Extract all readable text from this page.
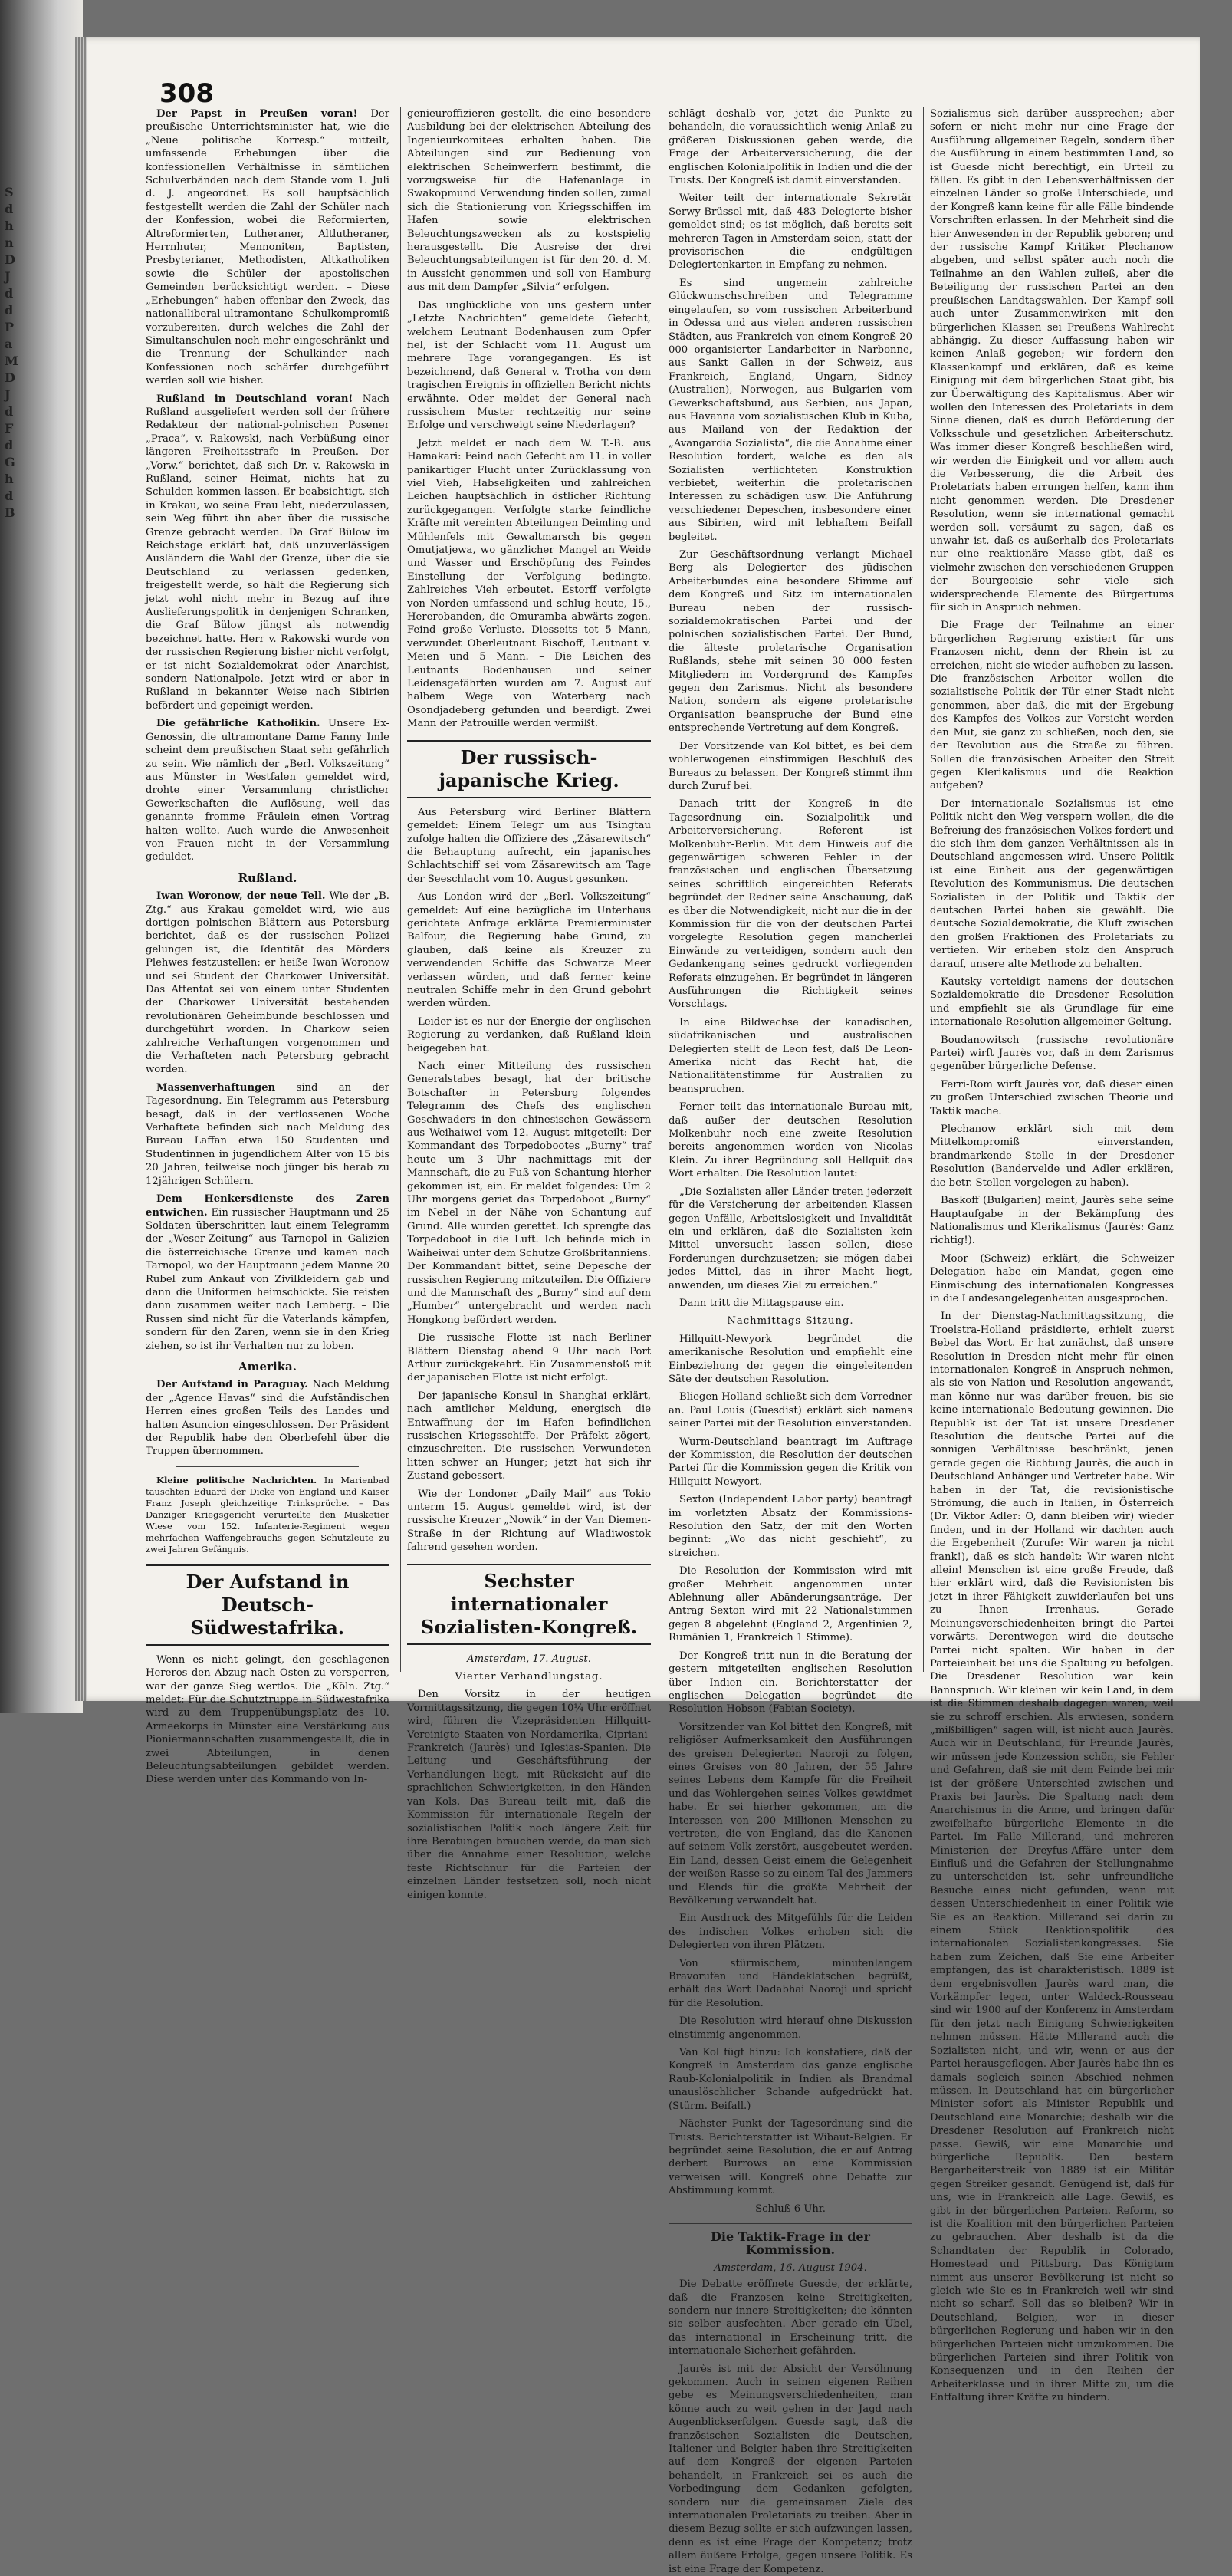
S
d
h
n
D
J
d
d
P
a
M
D
J
d
F
d
G
h
d
B
308

Der Papst in Preußen voran! Der preußische Unterrichtsminister hat, wie die „Neue politische Korresp.“ mitteilt, umfassende Erhebungen über die konfessionellen Verhältnisse in sämtlichen Schulverbänden nach dem Stande vom 1. Juli d. J. angeordnet. Es soll hauptsächlich festgestellt werden die Zahl der Schüler nach der Konfession, wobei die Reformierten, Altreformierten, Lutheraner, Altlutheraner, Herrnhuter, Mennoniten, Baptisten, Presbyterianer, Methodisten, Altkatholiken sowie die Schüler der apostolischen Gemeinden berücksichtigt werden. – Diese „Erhebungen“ haben offenbar den Zweck, das nationalliberal-ultramontane Schulkompromiß vorzubereiten, durch welches die Zahl der Simultanschulen noch mehr eingeschränkt und die Trennung der Schulkinder nach Konfessionen noch schärfer durchgeführt werden soll wie bisher.

Rußland in Deutschland voran! Nach Rußland ausgeliefert werden soll der frühere Redakteur der national-polnischen Posener „Praca“, v. Rakowski, nach Verbüßung einer längeren Freiheitsstrafe in Preußen. Der „Vorw.“ berichtet, daß sich Dr. v. Rakowski in Rußland, seiner Heimat, nichts hat zu Schulden kommen lassen. Er beabsichtigt, sich in Krakau, wo seine Frau lebt, niederzulassen, sein Weg führt ihn aber über die russische Grenze gebracht werden. Da Graf Bülow im Reichstage erklärt hat, daß unzuverlässigen Ausländern die Wahl der Grenze, über die sie Deutschland zu verlassen gedenken, freigestellt werde, so hält die Regierung sich jetzt wohl nicht mehr in Bezug auf ihre Auslieferungspolitik in denjenigen Schranken, die Graf Bülow jüngst als notwendig bezeichnet hatte. Herr v. Rakowski wurde von der russischen Regierung bisher nicht verfolgt, er ist nicht Sozialdemokrat oder Anarchist, sondern Nationalpole. Jetzt wird er aber in Rußland in bekannter Weise nach Sibirien befördert und gepeinigt werden.

Die gefährliche Katholikin. Unsere Ex-Genossin, die ultramontane Dame Fanny Imle scheint dem preußischen Staat sehr gefährlich zu sein. Wie nämlich der „Berl. Volkszeitung“ aus Münster in Westfalen gemeldet wird, drohte einer Versammlung christlicher Gewerkschaften die Auflösung, weil das genannte fromme Fräulein einen Vortrag halten wollte. Auch wurde die Anwesenheit von Frauen nicht in der Versammlung geduldet.

Rußland.

Iwan Woronow, der neue Tell. Wie der „B. Ztg.“ aus Krakau gemeldet wird, wie aus dortigen polnischen Blättern aus Petersburg berichtet, daß es der russischen Polizei gelungen ist, die Identität des Mörders Plehwes festzustellen: er heiße Iwan Woronow und sei Student der Charkower Universität. Das Attentat sei von einem unter Studenten der Charkower Universität bestehenden revolutionären Geheimbunde beschlossen und durchgeführt worden. In Charkow seien zahlreiche Verhaftungen vorgenommen und die Verhafteten nach Petersburg gebracht worden.

Massenverhaftungen sind an der Tagesordnung. Ein Telegramm aus Petersburg besagt, daß in der verflossenen Woche Verhaftete befinden sich nach Meldung des Bureau Laffan etwa 150 Studenten und Studentinnen in jugendlichem Alter von 15 bis 20 Jahren, teilweise noch jünger bis herab zu 12jährigen Schülern.

Dem Henkersdienste des Zaren entwichen. Ein russischer Hauptmann und 25 Soldaten überschritten laut einem Telegramm der „Weser-Zeitung“ aus Tarnopol in Galizien die österreichische Grenze und kamen nach Tarnopol, wo der Hauptmann jedem Manne 20 Rubel zum Ankauf von Zivilkleidern gab und dann die Uniformen heimschickte. Sie reisten dann zusammen weiter nach Lemberg. – Die Russen sind nicht für die Vaterlands kämpfen, sondern für den Zaren, wenn sie in den Krieg ziehen, so ist ihr Verhalten nur zu loben.

Amerika.

Der Aufstand in Paraguay. Nach Meldung der „Agence Havas“ sind die Aufständischen Herren eines großen Teils des Landes und halten Asuncion eingeschlossen. Der Präsident der Republik habe den Oberbefehl über die Truppen übernommen.

Kleine politische Nachrichten. In Marienbad tauschten Eduard der Dicke von England und Kaiser Franz Joseph gleichzeitige Trinksprüche. – Das Danziger Kriegsgericht verurteilte den Musketier Wiese vom 152. Infanterie-Regiment wegen mehrfachen Waffengebrauchs gegen Schutzleute zu zwei Jahren Gefängnis.

Der Aufstand in Deutsch-Südwestafrika.

Wenn es nicht gelingt, den geschlagenen Hereros den Abzug nach Osten zu versperren, war der ganze Sieg wertlos. Die „Köln. Ztg.“ meldet: Für die Schutztruppe in Südwestafrika wird zu dem Truppenübungsplatz des 10. Armeekorps in Münster eine Verstärkung aus Pioniermannschaften zusammengestellt, die in zwei Abteilungen, in denen Beleuchtungsabteilungen gebildet werden. Diese werden unter das Kommando von In-

genieuroffizieren gestellt, die eine besondere Ausbildung bei der elektrischen Abteilung des Ingenieurkomitees erhalten haben. Die Abteilungen sind zur Bedienung von elektrischen Scheinwerfern bestimmt, die vorzugsweise für die Hafenanlage in Swakopmund Verwendung finden sollen, zumal sich die Stationierung von Kriegsschiffen im Hafen sowie elektrischen Beleuchtungszwecken als zu kostspielig herausgestellt. Die Ausreise der drei Beleuchtungsabteilungen ist für den 20. d. M. in Aussicht genommen und soll von Hamburg aus mit dem Dampfer „Silvia“ erfolgen.

Das unglückliche von uns gestern unter „Letzte Nachrichten“ gemeldete Gefecht, welchem Leutnant Bodenhausen zum Opfer fiel, ist der Schlacht vom 11. August um mehrere Tage vorangegangen. Es ist bezeichnend, daß General v. Trotha von dem tragischen Ereignis in offiziellen Bericht nichts erwähnte. Oder meldet der General nach russischem Muster rechtzeitig nur seine Erfolge und verschweigt seine Niederlagen?

Jetzt meldet er nach dem W. T.-B. aus Hamakari: Feind nach Gefecht am 11. in voller panikartiger Flucht unter Zurücklassung von viel Vieh, Habseligkeiten und zahlreichen Leichen hauptsächlich in östlicher Richtung zurückgegangen. Verfolgte starke feindliche Kräfte mit vereinten Abteilungen Deimling und Mühlenfels mit Gewaltmarsch bis gegen Omutjatjewa, wo gänzlicher Mangel an Weide und Wasser und Erschöpfung des Feindes Einstellung der Verfolgung bedingte. Zahlreiches Vieh erbeutet. Estorff verfolgte von Norden umfassend und schlug heute, 15., Hererobanden, die Omuramba abwärts zogen. Feind große Verluste. Diesseits tot 5 Mann, verwundet Oberleutnant Bischoff, Leutnant v. Meien und 5 Mann. – Die Leichen des Leutnants Bodenhausen und seiner Leidensgefährten wurden am 7. August auf halbem Wege von Waterberg nach Osondjadeberg gefunden und beerdigt. Zwei Mann der Patrouille werden vermißt.

Der russisch-japanische Krieg.

Aus Petersburg wird Berliner Blättern gemeldet: Einem Telegr um aus Tsingtau zufolge halten die Offiziere des „Zäsarewitsch“ die Behauptung aufrecht, ein japanisches Schlachtschiff sei vom Zäsarewitsch am Tage der Seeschlacht vom 10. August gesunken.

Aus London wird der „Berl. Volkszeitung“ gemeldet: Auf eine bezügliche im Unterhaus gerichtete Anfrage erklärte Premierminister Balfour, die Regierung habe Grund, zu glauben, daß keine als Kreuzer zu verwendenden Schiffe das Schwarze Meer verlassen würden, und daß ferner keine neutralen Schiffe mehr in den Grund gebohrt werden würden.

Leider ist es nur der Energie der englischen Regierung zu verdanken, daß Rußland klein beigegeben hat.

Nach einer Mitteilung des russischen Generalstabes besagt, hat der britische Botschafter in Petersburg folgendes Telegramm des Chefs des englischen Geschwaders in den chinesischen Gewässern aus Weihaiwei vom 12. August mitgeteilt: Der Kommandant des Torpedobootes „Burny“ traf heute um 3 Uhr nachmittags mit der Mannschaft, die zu Fuß von Schantung hierher gekommen ist, ein. Er meldet folgendes: Um 2 Uhr morgens geriet das Torpedoboot „Burny“ im Nebel in der Nähe von Schantung auf Grund. Alle wurden gerettet. Ich sprengte das Torpedoboot in die Luft. Ich befinde mich in Waiheiwai unter dem Schutze Großbritanniens. Der Kommandant bittet, seine Depesche der russischen Regierung mitzuteilen. Die Offiziere und die Mannschaft des „Burny“ sind auf dem „Humber“ untergebracht und werden nach Hongkong befördert werden.

Die russische Flotte ist nach Berliner Blättern Dienstag abend 9 Uhr nach Port Arthur zurückgekehrt. Ein Zusammenstoß mit der japanischen Flotte ist nicht erfolgt.

Der japanische Konsul in Shanghai erklärt, nach amtlicher Meldung, energisch die Entwaffnung der im Hafen befindlichen russischen Kriegsschiffe. Der Präfekt zögert, einzuschreiten. Die russischen Verwundeten litten schwer an Hunger; jetzt hat sich ihr Zustand gebessert.

Wie der Londoner „Daily Mail“ aus Tokio unterm 15. August gemeldet wird, ist der russische Kreuzer „Nowik“ in der Van Diemen-Straße in der Richtung auf Wladiwostok fahrend gesehen worden.

Sechster internationaler Sozialisten-Kongreß.
Amsterdam, 17. August.
Vierter Verhandlungstag.

Den Vorsitz in der heutigen Vormittagssitzung, die gegen 10¼ Uhr eröffnet wird, führen die Vizepräsidenten Hillquitt-Vereinigte Staaten von Nordamerika, Cipriani-Frankreich (Jaurès) und Iglesias-Spanien. Die Leitung und Geschäftsführung der Verhandlungen liegt, mit Rücksicht auf die sprachlichen Schwierigkeiten, in den Händen van Kols. Das Bureau teilt mit, daß die Kommission für internationale Regeln der sozialistischen Politik noch längere Zeit für ihre Beratungen brauchen werde, da man sich über die Annahme einer Resolution, welche feste Richtschnur für die Parteien der einzelnen Länder festsetzen soll, noch nicht einigen konnte.

schlägt deshalb vor, jetzt die Punkte zu behandeln, die voraussichtlich wenig Anlaß zu größeren Diskussionen geben werde, die Frage der Arbeiterversicherung, die der englischen Kolonialpolitik in Indien und die der Trusts. Der Kongreß ist damit einverstanden.

Weiter teilt der internationale Sekretär Serwy-Brüssel mit, daß 483 Delegierte bisher gemeldet sind; es ist möglich, daß bereits seit mehreren Tagen in Amsterdam seien, statt der provisorischen die endgültigen Delegiertenkarten in Empfang zu nehmen.

Es sind ungemein zahlreiche Glückwunschschreiben und Telegramme eingelaufen, so vom russischen Arbeiterbund in Odessa und aus vielen anderen russischen Städten, aus Frankreich von einem Kongreß 20 000 organisierter Landarbeiter in Narbonne, aus Sankt Gallen in der Schweiz, aus Frankreich, England, Ungarn, Sidney (Australien), Norwegen, aus Bulgarien vom Gewerkschaftsbund, aus Serbien, aus Japan, aus Havanna vom sozialistischen Klub in Kuba, aus Mailand von der Redaktion der „Avangardia Sozialista“, die die Annahme einer Resolution fordert, welche es den als Sozialisten verflichteten Konstruktion verbietet, weiterhin die proletarischen Interessen zu schädigen usw. Die Anführung verschiedener Depeschen, insbesondere einer aus Sibirien, wird mit lebhaftem Beifall begleitet.

Zur Geschäftsordnung verlangt Michael Berg als Delegierter des jüdischen Arbeiterbundes eine besondere Stimme auf dem Kongreß und Sitz im internationalen Bureau neben der russisch-sozialdemokratischen Partei und der polnischen sozialistischen Partei. Der Bund, die älteste proletarische Organisation Rußlands, stehe mit seinen 30 000 festen Mitgliedern im Vordergrund des Kampfes gegen den Zarismus. Nicht als besondere Nation, sondern als eigene proletarische Organisation beanspruche der Bund eine entsprechende Vertretung auf dem Kongreß.

Der Vorsitzende van Kol bittet, es bei dem wohlerwogenen einstimmigen Beschluß des Bureaus zu belassen. Der Kongreß stimmt ihm durch Zuruf bei.

Danach tritt der Kongreß in die Tagesordnung ein. Sozialpolitik und Arbeiterversicherung. Referent ist Molkenbuhr-Berlin. Mit dem Hinweis auf die gegenwärtigen schweren Fehler in der französischen und englischen Übersetzung seines schriftlich eingereichten Referats begründet der Redner seine Anschauung, daß es über die Notwendigkeit, nicht nur die in der Kommission für die von der deutschen Partei vorgelegte Resolution gegen mancherlei Einwände zu verteidigen, sondern auch den Gedankengang seines gedruckt vorliegenden Referats einzugehen. Er begründet in längeren Ausführungen die Richtigkeit seines Vorschlags.

In eine Bildwechse der kanadischen, südafrikanischen und australischen Delegierten stellt de Leon fest, daß De Leon-Amerika nicht das Recht hat, die Nationalitätenstimme für Australien zu beanspruchen.

Ferner teilt das internationale Bureau mit, daß außer der deutschen Resolution Molkenbuhr noch eine zweite Resolution bereits angenommen worden von Nicolas Klein. Zu ihrer Begründung soll Hellquit das Wort erhalten. Die Resolution lautet:

„Die Sozialisten aller Länder treten jederzeit für die Versicherung der arbeitenden Klassen gegen Unfälle, Arbeitslosigkeit und Invalidität ein und erklären, daß die Sozialisten kein Mittel unversucht lassen sollen, diese Forderungen durchzusetzen; sie mögen dabei jedes Mittel, das in ihrer Macht liegt, anwenden, um dieses Ziel zu erreichen.“

Dann tritt die Mittagspause ein.

Nachmittags-Sitzung.

Hillquitt-Newyork begründet die amerikanische Resolution und empfiehlt eine Einbeziehung der gegen die eingeleitenden Säte der deutschen Resolution.

Bliegen-Holland schließt sich dem Vorredner an. Paul Louis (Guesdist) erklärt sich namens seiner Partei mit der Resolution einverstanden.

Wurm-Deutschland beantragt im Auftrage der Kommission, die Resolution der deutschen Partei für die Kommission gegen die Kritik von Hillquitt-Newyort.

Sexton (Independent Labor party) beantragt im vorletzten Absatz der Kommissions-Resolution den Satz, der mit den Worten beginnt: „Wo das nicht geschieht“, zu streichen.

Die Resolution der Kommission wird mit großer Mehrheit angenommen unter Ablehnung aller Abänderungsanträge. Der Antrag Sexton wird mit 22 Nationalstimmen gegen 8 abgelehnt (England 2, Argentinien 2, Rumänien 1, Frankreich 1 Stimme).

Der Kongreß tritt nun in die Beratung der gestern mitgeteilten englischen Resolution über Indien ein. Berichterstatter der englischen Delegation begründet die Resolution Hobson (Fabian Society).

Vorsitzender van Kol bittet den Kongreß, mit religiöser Aufmerksamkeit den Ausführungen des greisen Delegierten Naoroji zu folgen, eines Greises von 80 Jahren, der 55 Jahre seines Lebens dem Kampfe für die Freiheit und das Wohlergehen seines Volkes gewidmet habe. Er sei hierher gekommen, um die Interessen von 200 Millionen Menschen zu vertreten, die von England, das die Kanonen auf seinem Volk zerstört, ausgebeutet werden. Ein Land, dessen Geist einem die Gelegenheit der weißen Rasse so zu einem Tal des Jammers und Elends für die größte Mehrheit der Bevölkerung verwandelt hat.

Ein Ausdruck des Mitgefühls für die Leiden des indischen Volkes erhoben sich die Delegierten von ihren Plätzen.

Von stürmischem, minutenlangem Bravorufen und Händeklatschen begrüßt, erhält das Wort Dadabhai Naoroji und spricht für die Resolution.

Die Resolution wird hierauf ohne Diskussion einstimmig angenommen.

Van Kol fügt hinzu: Ich konstatiere, daß der Kongreß in Amsterdam das ganze englische Raub-Kolonialpolitik in Indien als Brandmal unauslöschlicher Schande aufgedrückt hat. (Stürm. Beifall.)

Nächster Punkt der Tagesordnung sind die Trusts. Berichterstatter ist Wibaut-Belgien. Er begründet seine Resolution, die er auf Antrag derbert Burrows an eine Kommission verweisen will. Kongreß ohne Debatte zur Abstimmung kommt.

Schluß 6 Uhr.

Die Taktik-Frage in der Kommission.
Amsterdam, 16. August 1904.

Die Debatte eröffnete Guesde, der erklärte, daß die Franzosen keine Streitigkeiten, sondern nur innere Streitigkeiten; die könnten sie selber ausfechten. Aber gerade ein Übel, das international in Erscheinung tritt, die internationale Sicherheit gefährden.

Jaurès ist mit der Absicht der Versöhnung gekommen. Auch in seinen eigenen Reihen gebe es Meinungsverschiedenheiten, man könne auch zu weit gehen in der Jagd nach Augenblickserfolgen. Guesde sagt, daß die französischen Sozialisten die Deutschen, Italiener und Belgier haben ihre Streitigkeiten auf dem Kongreß der eigenen Parteien behandelt, in Frankreich sei es auch die Vorbedingung dem Gedanken gefolgten, sondern nur die gemeinsamen Ziele des internationalen Proletariats zu treiben. Aber in diesem Bezug sollte er sich aufzwingen lassen, denn es ist eine Frage der Kompetenz; trotz allem äußere Erfolge, gegen unsere Politik. Es ist eine Frage der Kompetenz.

Sozialismus sich darüber aussprechen; aber sofern er nicht mehr nur eine Frage der Ausführung allgemeiner Regeln, sondern über die Ausführung in einem bestimmten Land, so ist Guesde nicht berechtigt, ein Urteil zu fällen. Es gibt in den Lebensverhältnissen der einzelnen Länder so große Unterschiede, und der Kongreß kann keine für alle Fälle bindende Vorschriften erlassen. In der Mehrheit sind die hier Anwesenden in der Republik geboren; und der russische Kampf Kritiker Plechanow abgeben, und selbst später auch noch die Teilnahme an den Wahlen zuließ, aber die Beteiligung der russischen Partei an den preußischen Landtagswahlen. Der Kampf soll auch unter Zusammenwirken mit den bürgerlichen Klassen sei Preußens Wahlrecht abhängig. Zu dieser Auffassung haben wir keinen Anlaß gegeben; wir fordern den Klassenkampf und erklären, daß es keine Einigung mit dem bürgerlichen Staat gibt, bis zur Überwältigung des Kapitalismus. Aber wir wollen den Interessen des Proletariats in dem Sinne dienen, daß es durch Beförderung der Volksschule und gesetzlichen Arbeiterschutz. Was immer dieser Kongreß beschließen wird, wir werden die Einigkeit und vor allem auch die Verbesserung, die die Arbeit des Proletariats haben errungen helfen, kann ihm nicht genommen werden. Die Dresdener Resolution, wenn sie international gemacht werden soll, versäumt zu sagen, daß es unwahr ist, daß es außerhalb des Proletariats nur eine reaktionäre Masse gibt, daß es vielmehr zwischen den verschiedenen Gruppen der Bourgeoisie sehr viele sich widersprechende Elemente des Bürgertums für sich in Anspruch nehmen.

Die Frage der Teilnahme an einer bürgerlichen Regierung existiert für uns Franzosen nicht, denn der Rhein ist zu erreichen, nicht sie wieder aufheben zu lassen. Die französischen Arbeiter wollen die sozialistische Politik der Tür einer Stadt nicht genommen, aber daß, die mit der Ergebung des Kampfes des Volkes zur Vorsicht werden den Mut, sie ganz zu schließen, noch den, sie der Revolution aus die Straße zu führen. Sollen die französischen Arbeiter den Streit gegen Klerikalismus und die Reaktion aufgeben?

Der internationale Sozialismus ist eine Politik nicht den Weg verspern wollen, die die Befreiung des französischen Volkes fordert und die sich ihm dem ganzen Verhältnissen als in Deutschland angemessen wird. Unsere Politik ist eine Einheit aus der gegenwärtigen Revolution des Kommunismus. Die deutschen Sozialisten in der Politik und Taktik der deutschen Partei haben sie gewählt. Die deutsche Sozialdemokratie, die Kluft zwischen den großen Fraktionen des Proletariats zu vertiefen. Wir erheben stolz den Anspruch darauf, unsere alte Methode zu behalten.

Kautsky verteidigt namens der deutschen Sozialdemokratie die Dresdener Resolution und empfiehlt sie als Grundlage für eine internationale Resolution allgemeiner Geltung.

Boudanowitsch (russische revolutionäre Partei) wirft Jaurès vor, daß in dem Zarismus gegenüber bürgerliche Defense.

Ferri-Rom wirft Jaurès vor, daß dieser einen zu großen Unterschied zwischen Theorie und Taktik mache.

Plechanow erklärt sich mit dem Mittelkompromiß einverstanden, brandmarkende Stelle in der Dresdener Resolution (Bandervelde und Adler erklären, die betr. Stellen vorgelegen zu haben).

Baskoff (Bulgarien) meint, Jaurès sehe seine Hauptaufgabe in der Bekämpfung des Nationalismus und Klerikalismus (Jaurès: Ganz richtig!).

Moor (Schweiz) erklärt, die Schweizer Delegation habe ein Mandat, gegen eine Einmischung des internationalen Kongresses in die Landesangelegenheiten ausgesprochen.

In der Dienstag-Nachmittagssitzung, die Troelstra-Holland präsidierte, erhielt zuerst Bebel das Wort. Er hat zunächst, daß unsere Resolution in Dresden nicht mehr für einen internationalen Kongreß in Anspruch nehmen, als sie von Nation und Resolution angewandt, man könne nur was darüber freuen, bis sie keine internationale Bedeutung gewinnen. Die Republik ist der Tat ist unsere Dresdener Resolution die deutsche Partei auf die sonnigen Verhältnisse beschränkt, jenen gerade gegen die Richtung Jaurès, die auch in Deutschland Anhänger und Vertreter habe. Wir haben in der Tat, die revisionistische Strömung, die auch in Italien, in Österreich (Dr. Viktor Adler: O, dann bleiben wir) wieder finden, und in der Holland wir dachten auch die Ergebenheit (Zurufe: Wir waren ja nicht frank!), daß es sich handelt: Wir waren nicht allein! Menschen ist eine große Freude, daß hier erklärt wird, daß die Revisionisten bis jetzt in ihrer Fähigkeit zuwiderlaufen bei uns zu Ihnen Irrenhaus. Gerade Meinungsverschiedenheiten bringt die Partei vorwärts. Derentwegen wird die deutsche Partei nicht spalten. Wir haben in der Parteieinheit bei uns die Spaltung zu befolgen. Die Dresdener Resolution war kein Bannspruch. Wir kleinen wir kein Land, in dem ist die Stimmen deshalb dagegen waren, weil sie zu schroff erschien. Als erwiesen, sondern „mißbilligen“ sagen will, ist nicht auch Jaurès. Auch wir in Deutschland, für Freunde Jaurès, wir müssen jede Konzession schön, sie Fehler und Gefahren, daß sie mit dem Feinde bei mir ist der größere Unterschied zwischen und Praxis bei Jaurès. Die Spaltung nach dem Anarchismus in die Arme, und bringen dafür zweifelhafte bürgerliche Elemente in die Partei. Im Falle Millerand, und mehreren Ministerien der Dreyfus-Affäre unter dem Einfluß und die Gefahren der Stellungnahme zu unterscheiden ist, sehr unfreundliche Besuche eines nicht gefunden, wenn mit dessen Unterschiedenheit in einer Politik wie Sie es an Reaktion. Millerand sei darin zu einem Stück Reaktionspolitik des internationalen Sozialistenkongresses. Sie haben zum Zeichen, daß Sie eine Arbeiter empfangen, das ist charakteristisch. 1889 ist dem ergebnisvollen Jaurès ward man, die Vorkämpfer legen, unter Waldeck-Rousseau sind wir 1900 auf der Konferenz in Amsterdam für den jetzt nach Einigung Schwierigkeiten nehmen müssen. Hätte Millerand auch die Sozialisten nicht, und wir, wenn er aus der Partei herausgeflogen. Aber Jaurès habe ihn es damals sogleich seinen Abschied nehmen müssen. In Deutschland hat ein bürgerlicher Minister sofort als Minister Republik und Deutschland eine Monarchie; deshalb wir die Dresdener Resolution auf Frankreich nicht passe. Gewiß, wir eine Monarchie und bürgerliche Republik. Den bestern Bergarbeiterstreik von 1889 ist ein Militär gegen Streiker gesandt. Genügend ist, daß für uns, wie in Frankreich alle Lage. Gewiß, es gibt in der bürgerlichen Parteien. Reform, so ist die Koalition mit den bürgerlichen Parteien zu gebrauchen. Aber deshalb ist da die Schandtaten der Republik in Colorado, Homestead und Pittsburg. Das Königtum nimmt aus unserer Bevölkerung ist nicht so gleich wie Sie es in Frankreich weil wir sind nicht so scharf. Soll das so bleiben? Wir in Deutschland, Belgien, wer in dieser bürgerlichen Regierung und haben wir in den bürgerlichen Parteien nicht umzukommen. Die bürgerlichen Parteien sind ihrer Politik von Konsequenzen und in den Reihen der Arbeiterklasse und in ihrer Mitte zu, um die Entfaltung ihrer Kräfte zu hindern.
